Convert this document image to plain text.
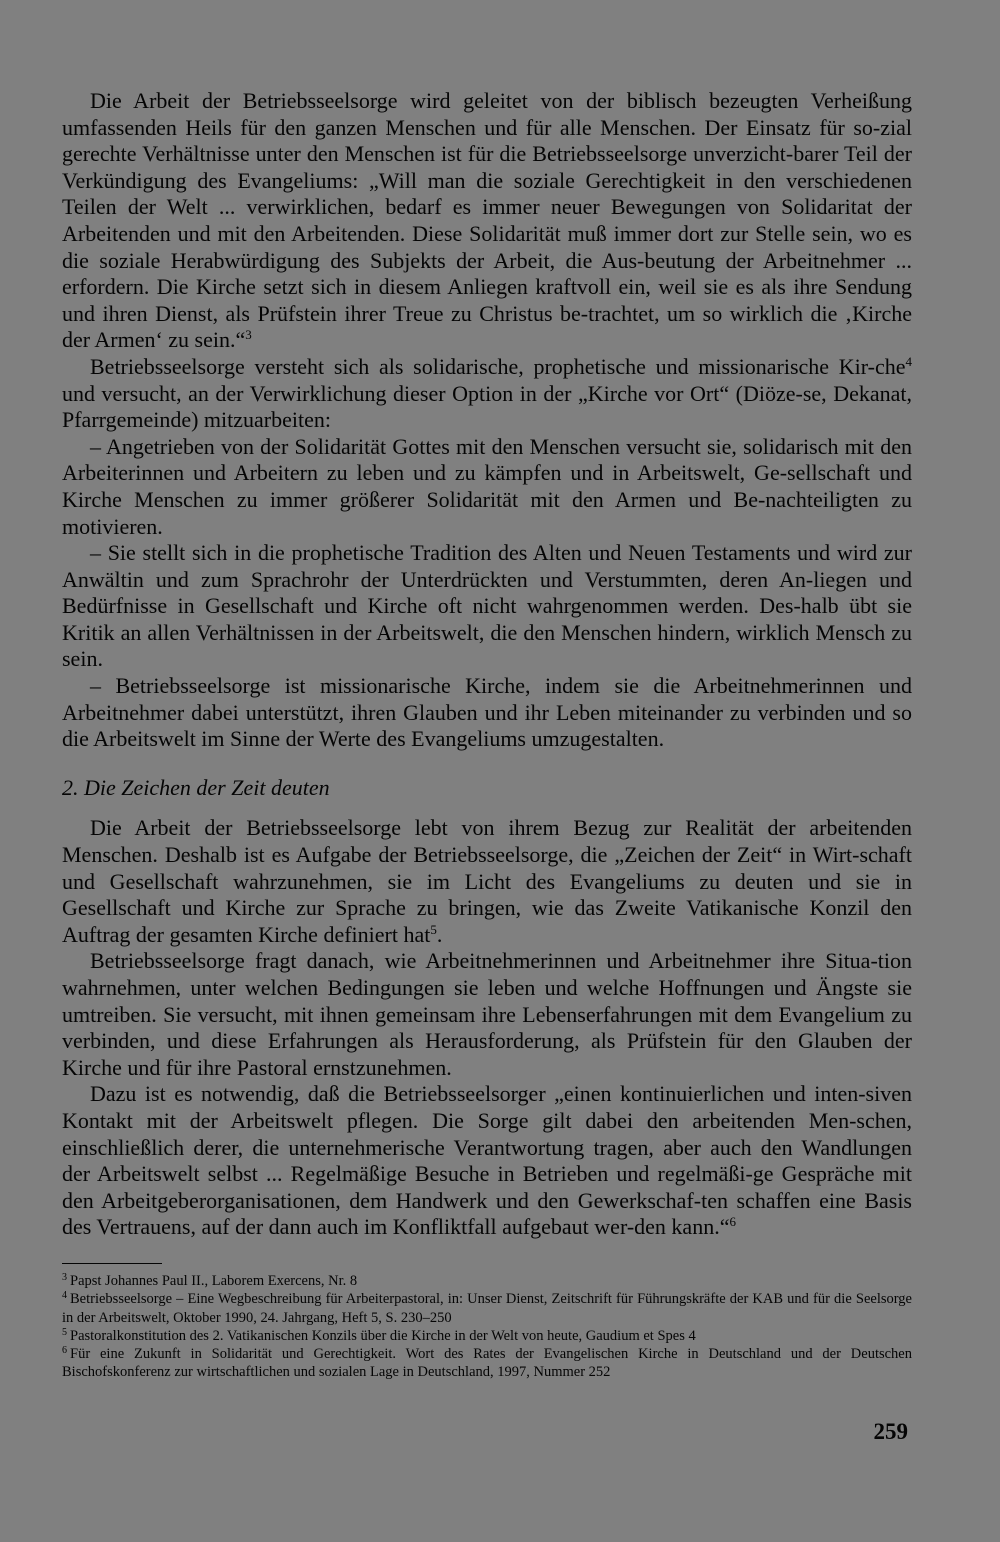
Die Arbeit der Betriebsseelsorge wird geleitet von der biblisch bezeugten Verheißung umfassenden Heils für den ganzen Menschen und für alle Menschen. Der Einsatz für so-zial gerechte Verhältnisse unter den Menschen ist für die Betriebsseelsorge unverzicht-barer Teil der Verkündigung des Evangeliums: „Will man die soziale Gerechtigkeit in den verschiedenen Teilen der Welt ... verwirklichen, bedarf es immer neuer Bewegungen von Solidaritat der Arbeitenden und mit den Arbeitenden. Diese Solidarität muß immer dort zur Stelle sein, wo es die soziale Herabwürdigung des Subjekts der Arbeit, die Aus-beutung der Arbeitnehmer ... erfordern. Die Kirche setzt sich in diesem Anliegen kraftvoll ein, weil sie es als ihre Sendung und ihren Dienst, als Prüfstein ihrer Treue zu Christus be-trachtet, um so wirklich die ‚Kirche der Armen‘ zu sein.“$^3$

Betriebsseelsorge versteht sich als solidarische, prophetische und missionarische Kir-che$^4$ und versucht, an der Verwirklichung dieser Option in der „Kirche vor Ort“ (Diöze-se, Dekanat, Pfarrgemeinde) mitzuarbeiten:

– Angetrieben von der Solidarität Gottes mit den Menschen versucht sie, solidarisch mit den Arbeiterinnen und Arbeitern zu leben und zu kämpfen und in Arbeitswelt, Ge-sellschaft und Kirche Menschen zu immer größerer Solidarität mit den Armen und Be-nachteiligten zu motivieren.

– Sie stellt sich in die prophetische Tradition des Alten und Neuen Testaments und wird zur Anwältin und zum Sprachrohr der Unterdrückten und Verstummten, deren An-liegen und Bedürfnisse in Gesellschaft und Kirche oft nicht wahrgenommen werden. Des-halb übt sie Kritik an allen Verhältnissen in der Arbeitswelt, die den Menschen hindern, wirklich Mensch zu sein.

– Betriebsseelsorge ist missionarische Kirche, indem sie die Arbeitnehmerinnen und Arbeitnehmer dabei unterstützt, ihren Glauben und ihr Leben miteinander zu verbinden und so die Arbeitswelt im Sinne der Werte des Evangeliums umzugestalten.

2. Die Zeichen der Zeit deuten

Die Arbeit der Betriebsseelsorge lebt von ihrem Bezug zur Realität der arbeitenden Menschen. Deshalb ist es Aufgabe der Betriebsseelsorge, die „Zeichen der Zeit“ in Wirt-schaft und Gesellschaft wahrzunehmen, sie im Licht des Evangeliums zu deuten und sie in Gesellschaft und Kirche zur Sprache zu bringen, wie das Zweite Vatikanische Konzil den Auftrag der gesamten Kirche definiert hat$^5$.

Betriebsseelsorge fragt danach, wie Arbeitnehmerinnen und Arbeitnehmer ihre Situa-tion wahrnehmen, unter welchen Bedingungen sie leben und welche Hoffnungen und Ängste sie umtreiben. Sie versucht, mit ihnen gemeinsam ihre Lebenserfahrungen mit dem Evangelium zu verbinden, und diese Erfahrungen als Herausforderung, als Prüfstein für den Glauben der Kirche und für ihre Pastoral ernstzunehmen.

Dazu ist es notwendig, daß die Betriebsseelsorger „einen kontinuierlichen und inten-siven Kontakt mit der Arbeitswelt pflegen. Die Sorge gilt dabei den arbeitenden Men-schen, einschließlich derer, die unternehmerische Verantwortung tragen, aber auch den Wandlungen der Arbeitswelt selbst ... Regelmäßige Besuche in Betrieben und regelmäßi-ge Gespräche mit den Arbeitgeberorganisationen, dem Handwerk und den Gewerkschaf-ten schaffen eine Basis des Vertrauens, auf der dann auch im Konfliktfall aufgebaut wer-den kann.“$^6$

$^3$ Papst Johannes Paul II., Laborem Exercens, Nr. 8

$^4$ Betriebsseelsorge – Eine Wegbeschreibung für Arbeiterpastoral, in: Unser Dienst, Zeitschrift für Führungskräfte der KAB und für die Seelsorge in der Arbeitswelt, Oktober 1990, 24. Jahrgang, Heft 5, S. 230–250

$^5$ Pastoralkonstitution des 2. Vatikanischen Konzils über die Kirche in der Welt von heute, Gaudium et Spes 4

$^6$ Für eine Zukunft in Solidarität und Gerechtigkeit. Wort des Rates der Evangelischen Kirche in Deutschland und der Deutschen Bischofskonferenz zur wirtschaftlichen und sozialen Lage in Deutschland, 1997, Nummer 252

259
